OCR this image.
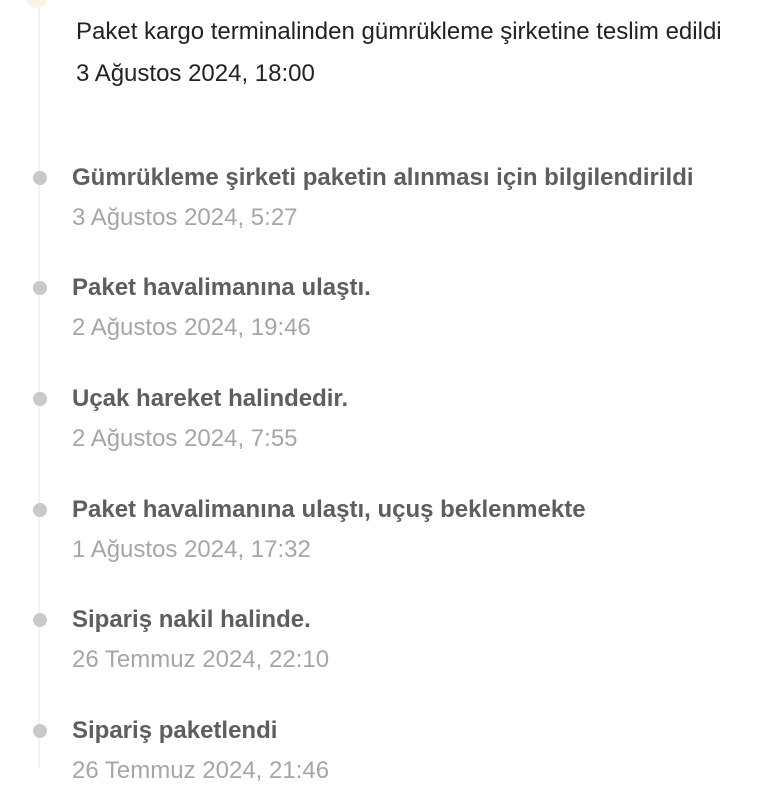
Paket kargo terminalinden gümrükleme şirketine teslim edildi
3 Ağustos 2024, 18:00
Gümrükleme şirketi paketin alınması için bilgilendirildi
3 Ağustos 2024, 5:27
Paket havalimanına ulaştı.
2 Ağustos 2024, 19:46
Uçak hareket halindedir.
2 Ağustos 2024, 7:55
Paket havalimanına ulaştı, uçuş beklenmekte
1 Ağustos 2024, 17:32
Sipariş nakil halinde.
26 Temmuz 2024, 22:10
Sipariş paketlendi
26 Temmuz 2024, 21:46
